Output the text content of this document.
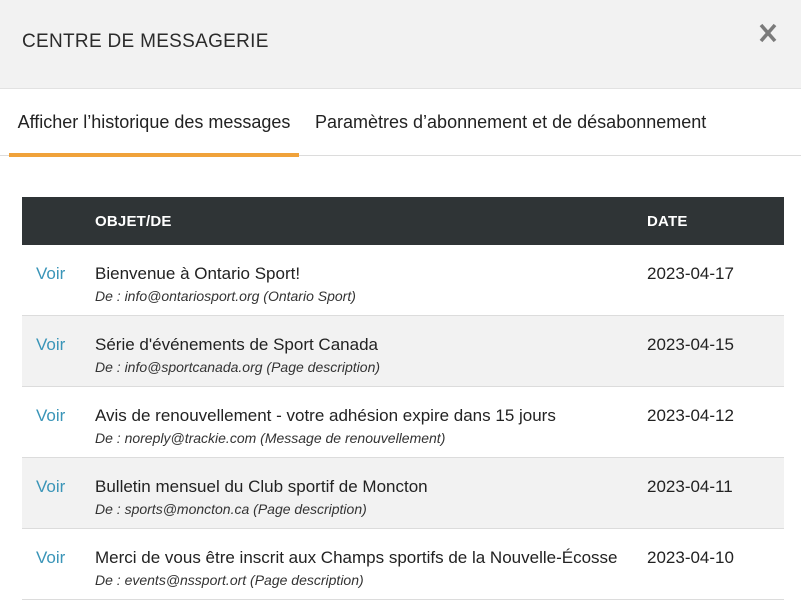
CENTRE DE MESSAGERIE
Afficher l’historique des messages Paramètres d’abonnement et de désabonnement
OBJET/DE	DATE
Voir Bienvenue à Ontario Sport!
De : info@ontariosport.org (Ontario Sport)
2023-04-17
Voir Série d'événements de Sport Canada
De : info@sportcanada.org (Page description)
2023-04-15
Voir Avis de renouvellement - votre adhésion expire dans 15 jours
De : noreply@trackie.com (Message de renouvellement)
2023-04-12
Voir Bulletin mensuel du Club sportif de Moncton
De : sports@moncton.ca (Page description)
2023-04-11
Voir Merci de vous être inscrit aux Champs sportifs de la Nouvelle-Écosse
De : events@nssport.ort (Page description)
2023-04-10
